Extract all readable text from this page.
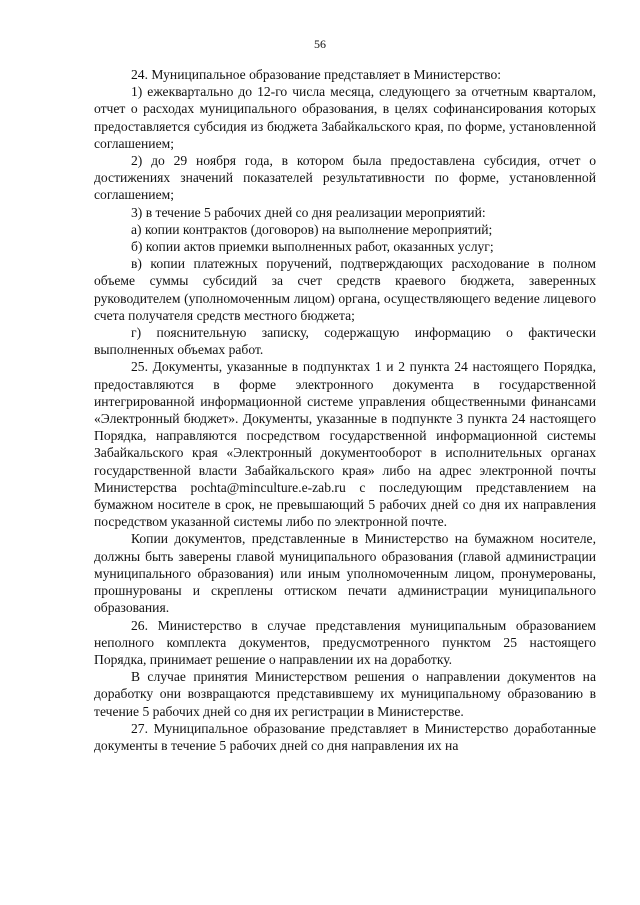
56

24. Муниципальное образование представляет в Министерство:

1) ежеквартально до 12-го числа месяца, следующего за отчетным кварталом, отчет о расходах муниципального образования, в целях софинансирования которых предоставляется субсидия из бюджета Забайкальского края, по форме, установленной соглашением;

2) до 29 ноября года, в котором была предоставлена субсидия, отчет о достижениях значений показателей результативности по форме, установленной соглашением;

3) в течение 5 рабочих дней со дня реализации мероприятий:

а) копии контрактов (договоров) на выполнение мероприятий;

б) копии актов приемки выполненных работ, оказанных услуг;

в) копии платежных поручений, подтверждающих расходование в полном объеме суммы субсидий за счет средств краевого бюджета, заверенных руководителем (уполномоченным лицом) органа, осуществляющего ведение лицевого счета получателя средств местного бюджета;

г) пояснительную записку, содержащую информацию о фактически выполненных объемах работ.

25. Документы, указанные в подпунктах 1 и 2 пункта 24 настоящего Порядка, предоставляются в форме электронного документа в государственной интегрированной информационной системе управления общественными финансами «Электронный бюджет». Документы, указанные в подпункте 3 пункта 24 настоящего Порядка, направляются посредством государственной информационной системы Забайкальского края «Электронный документооборот в исполнительных органах государственной власти Забайкальского края» либо на адрес электронной почты Министерства pochta@minculture.e-zab.ru с последующим представлением на бумажном носителе в срок, не превышающий 5 рабочих дней со дня их направления посредством указанной системы либо по электронной почте.

Копии документов, представленные в Министерство на бумажном носителе, должны быть заверены главой муниципального образования (главой администрации муниципального образования) или иным уполномоченным лицом, пронумерованы, прошнурованы и скреплены оттиском печати администрации муниципального образования.

26. Министерство в случае представления муниципальным образованием неполного комплекта документов, предусмотренного пунктом 25 настоящего Порядка, принимает решение о направлении их на доработку.

В случае принятия Министерством решения о направлении документов на доработку они возвращаются представившему их муниципальному образованию в течение 5 рабочих дней со дня их регистрации в Министерстве.

27. Муниципальное образование представляет в Министерство доработанные документы в течение 5 рабочих дней со дня направления их на
